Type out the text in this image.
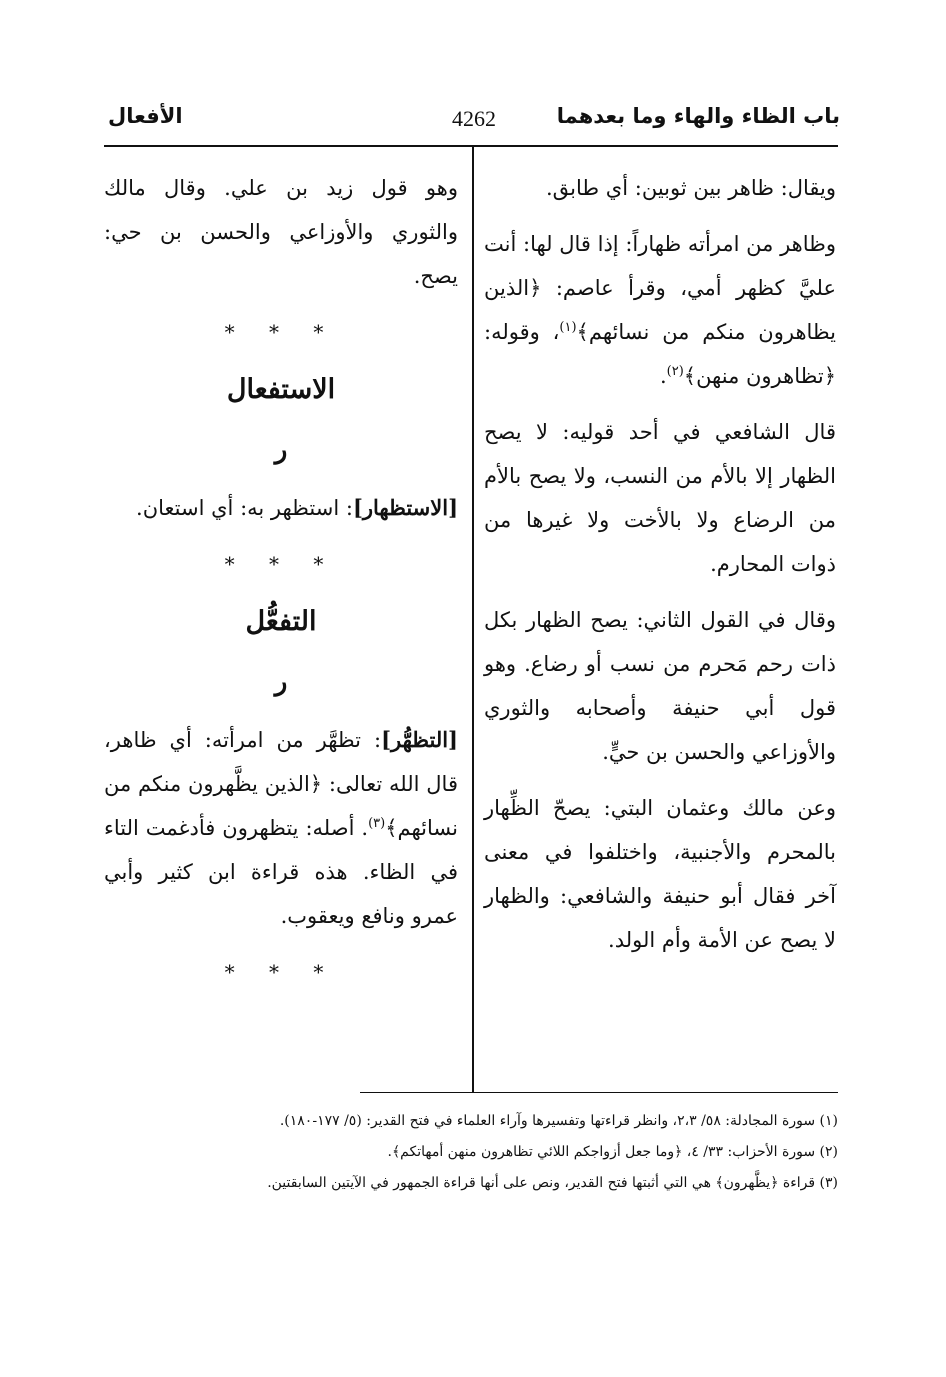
باب الظاء والهاء وما بعدهما
4262
الأفعال

ويقال: ظاهر بين ثوبين: أي طابق.

وظاهر من امرأته ظهاراً: إذا قال لها: أنت عليَّ كظهر أمي، وقرأ عاصم: ﴿الذين يظاهرون منكم من نسائهم﴾$^{(١)}$، وقوله: ﴿تظاهرون منهن﴾$^{(٢)}$.

قال الشافعي في أحد قوليه: لا يصح الظهار إلا بالأم من النسب، ولا يصح بالأم من الرضاع ولا بالأخت ولا غيرها من ذوات المحارم.

وقال في القول الثاني: يصح الظهار بكل ذات رحم مَحرم من نسب أو رضاع. وهو قول أبي حنيفة وأصحابه والثوري والأوزاعي والحسن بن حيٍّ.

وعن مالك وعثمان البتي: يصحّ الظِّهار بالمحرم والأجنبية، واختلفوا في معنى آخر فقال أبو حنيفة والشافعي: والظهار لا يصح عن الأمة وأم الولد.

وهو قول زيد بن علي. وقال مالك والثوري والأوزاعي والحسن بن حي: يصح.

* * *

الاستفعال

ر

[الاستظهار]: استظهر به: أي استعان.

* * *

التفعُّل

ر

[التظهُّر]: تظهَّر من امرأته: أي ظاهر، قال الله تعالى: ﴿الذين يظَّهرون منكم من نسائهم﴾$^{(٣)}$. أصله: يتظهرون فأدغمت التاء في الظاء. هذه قراءة ابن كثير وأبي عمرو ونافع ويعقوب.

* * *

(١) سورة المجادلة: ٥٨/ ٢،٣، وانظر قراءتها وتفسيرها وآراء العلماء في فتح القدير: (٥/ ١٧٧-١٨٠).
(٢) سورة الأحزاب: ٣٣/ ٤، ﴿وما جعل أزواجكم اللائي تظاهرون منهن أمهاتكم﴾.
(٣) قراءة ﴿يظَّهرون﴾ هي التي أثبتها فتح القدير، ونص على أنها قراءة الجمهور في الآيتين السابقتين.
